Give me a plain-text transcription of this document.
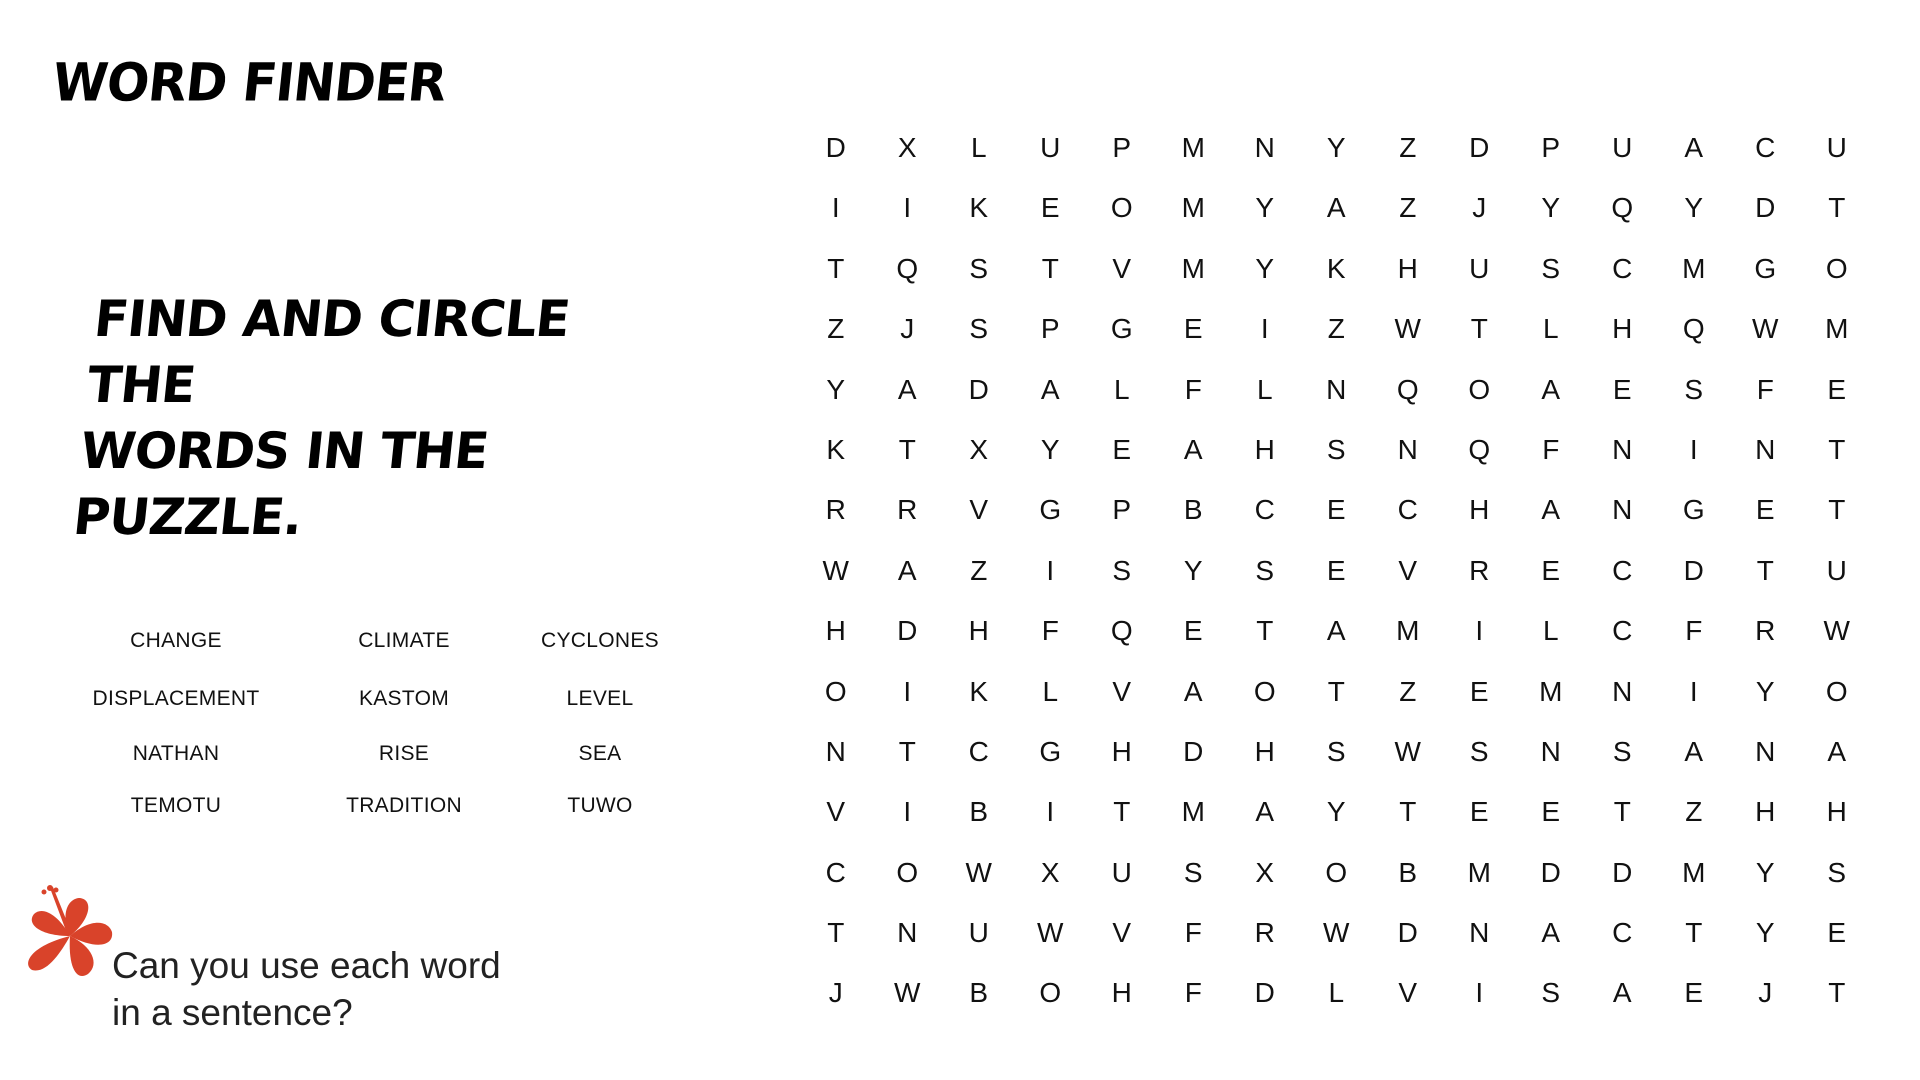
WORD FINDER
FIND AND CIRCLE THE
WORDS IN THE PUZZLE.
CHANGE	CLIMATE	CYCLONES
DISPLACEMENT	KASTOM	LEVEL
NATHAN	RISE	SEA
TEMOTU	TRADITION	TUWO
Can you use each word
in a sentence?
D	X	L	U	P	M	N	Y	Z	D	P	U	A	C	U
I	I	K	E	O	M	Y	A	Z	J	Y	Q	Y	D	T
T	Q	S	T	V	M	Y	K	H	U	S	C	M	G	O
Z	J	S	P	G	E	I	Z	W	T	L	H	Q	W	M
Y	A	D	A	L	F	L	N	Q	O	A	E	S	F	E
K	T	X	Y	E	A	H	S	N	Q	F	N	I	N	T
R	R	V	G	P	B	C	E	C	H	A	N	G	E	T
W	A	Z	I	S	Y	S	E	V	R	E	C	D	T	U
H	D	H	F	Q	E	T	A	M	I	L	C	F	R	W
O	I	K	L	V	A	O	T	Z	E	M	N	I	Y	O
N	T	C	G	H	D	H	S	W	S	N	S	A	N	A
V	I	B	I	T	M	A	Y	T	E	E	T	Z	H	H
C	O	W	X	U	S	X	O	B	M	D	D	M	Y	S
T	N	U	W	V	F	R	W	D	N	A	C	T	Y	E
J	W	B	O	H	F	D	L	V	I	S	A	E	J	T
